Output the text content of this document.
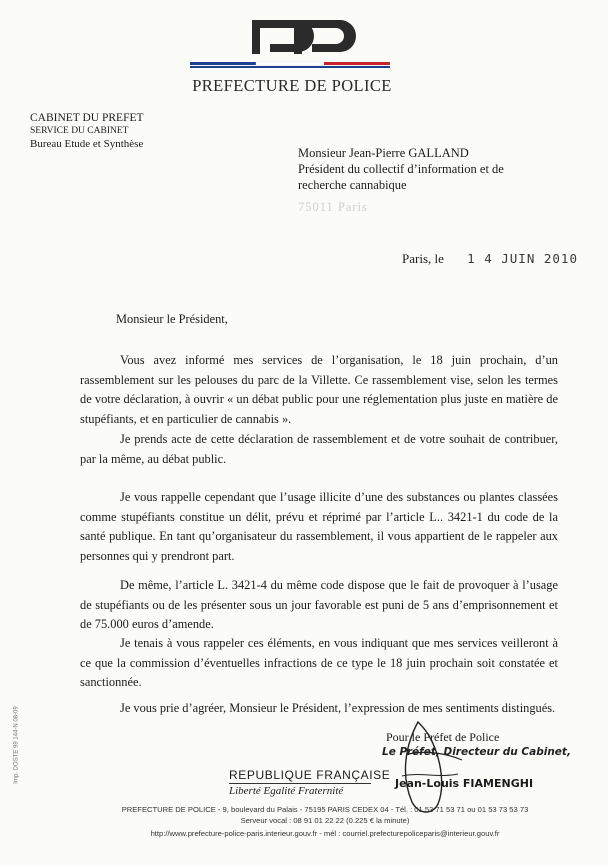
PREFECTURE DE POLICE
CABINET DU PREFET
SERVICE DU CABINET
Bureau Etude et Synthèse
Monsieur Jean-Pierre GALLAND
Président du collectif d’information et de
recherche cannabique
75011 Paris
Paris, le 1 4 JUIN 2010
Monsieur le Président,

Vous avez informé mes services de l’organisation, le 18 juin prochain, d’un rassemblement sur les pelouses du parc de la Villette. Ce rassemblement vise, selon les termes de votre déclaration, à ouvrir « un débat public pour une réglementation plus juste en matière de stupéfiants, et en particulier de cannabis ».

Je prends acte de cette déclaration de rassemblement et de votre souhait de contribuer, par la même, au débat public.

Je vous rappelle cependant que l’usage illicite d’une des substances ou plantes classées comme stupéfiants constitue un délit, prévu et réprimé par l’article L.. 3421-1 du code de la santé publique. En tant qu’organisateur du rassemblement, il vous appartient de le rappeler aux personnes qui y prendront part.

De même, l’article L. 3421-4 du même code dispose que le fait de provoquer à l’usage de stupéfiants ou de les présenter sous un jour favorable est puni de 5 ans d’emprisonnement et de 75.000 euros d’amende.

Je tenais à vous rappeler ces éléments, en vous indiquant que mes services veilleront à ce que la commission d’éventuelles infractions de ce type le 18 juin prochain soit constatée et sanctionnée.

Je vous prie d’agréer, Monsieur le Président, l’expression de mes sentiments distingués.

Pour le Préfet de Police
Le Préfet, Directeur du Cabinet,
Jean-Louis FIAMENGHI
REPUBLIQUE FRANÇAISE
Liberté Egalité Fraternité
PREFECTURE DE POLICE - 9, boulevard du Palais - 75195 PARIS CEDEX 04 - Tél. : 01 53 71 53 71 ou 01 53 73 53 73
Serveur vocal : 08 91 01 22 22 (0.225 € la minute)
http://www.prefecture-police-paris.interieur.gouv.fr - mél : courriel.prefecturepoliceparis@interieur.gouv.fr
Imp. DOSTE 99 144-N 08-09
